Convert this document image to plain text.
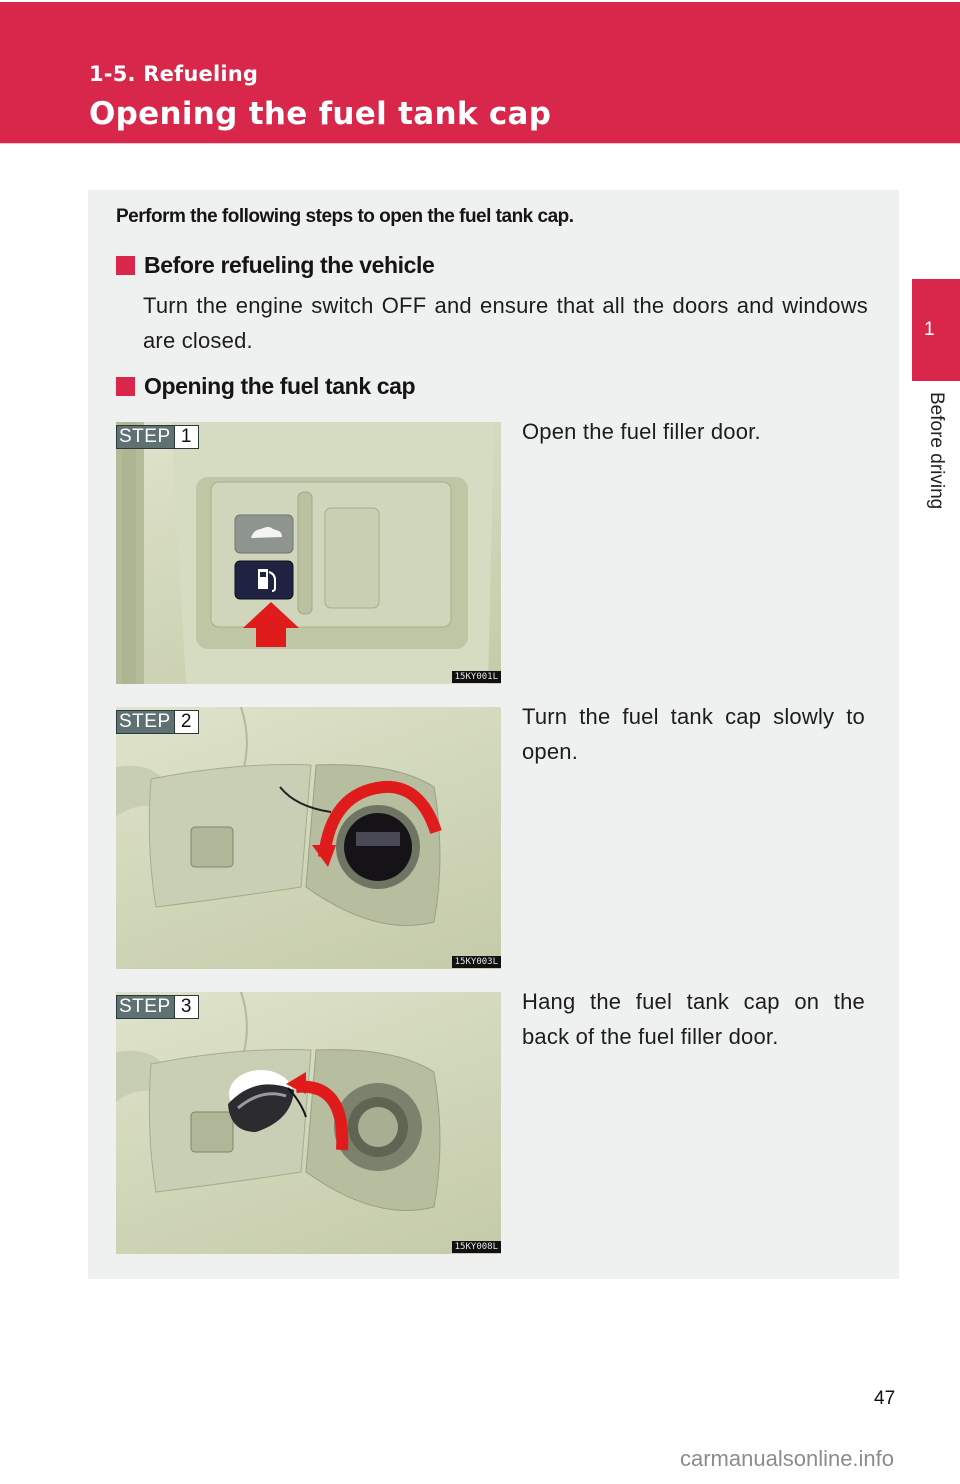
1-5. Refueling
Opening the fuel tank cap
1
Before driving
Perform the following steps to open the fuel tank cap.
Before refueling the vehicle
Turn the engine switch OFF and ensure that all the doors and windows are closed.
Opening the fuel tank cap
STEP 1
15KY001L
Open the fuel filler door.
STEP 2
15KY003L
Turn the fuel tank cap slowly to open.
STEP 3
15KY008L
Hang the fuel tank cap on the back of the fuel filler door.
47
carmanualsonline.info
